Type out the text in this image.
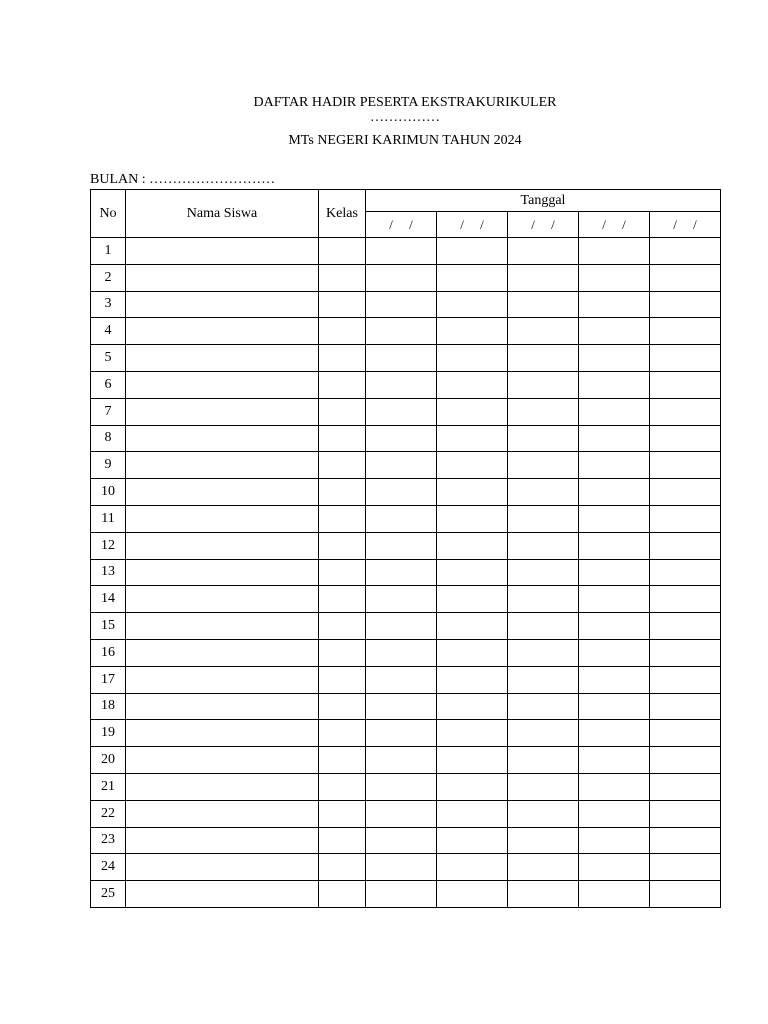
DAFTAR HADIR PESERTA EKSTRAKURIKULER
……………
MTs NEGERI KARIMUN TAHUN 2024
BULAN : ………………………
No	Nama Siswa	Kelas	Tanggal				
			/     /	/     /	/     /	/     /	/     /
1							
2							
3							
4							
5							
6							
7							
8							
9							
10							
11							
12							
13							
14							
15							
16							
17							
18							
19							
20							
21							
22							
23							
24							
25							
